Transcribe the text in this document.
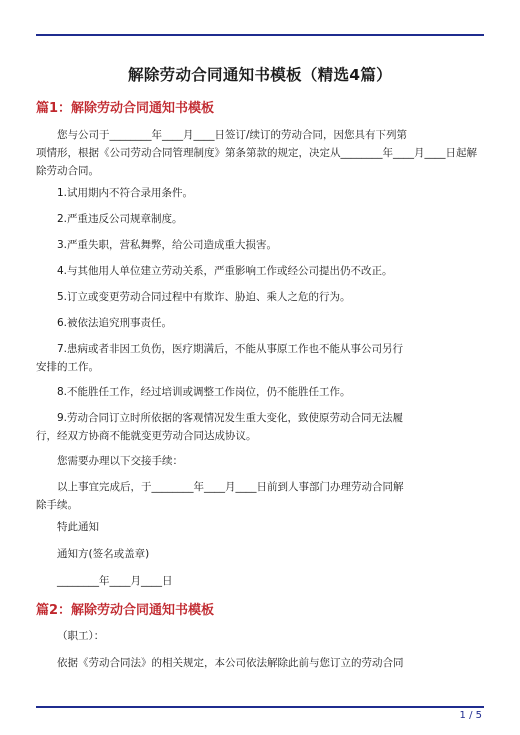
解除劳动合同通知书模板（精选4篇）
篇1：解除劳动合同通知书模板

您与公司于________年____月____日签订/续订的劳动合同，因您具有下列第
项情形，根据《公司劳动合同管理制度》第条第款的规定，决定从________年____月____日起解
除劳动合同。

1.试用期内不符合录用条件。

2.严重违反公司规章制度。

3.严重失职，营私舞弊，给公司造成重大损害。

4.与其他用人单位建立劳动关系，严重影响工作或经公司提出仍不改正。

5.订立或变更劳动合同过程中有欺诈、胁迫、乘人之危的行为。

6.被依法追究刑事责任。

7.患病或者非因工负伤，医疗期满后，不能从事原工作也不能从事公司另行
安排的工作。

8.不能胜任工作，经过培训或调整工作岗位，仍不能胜任工作。

9.劳动合同订立时所依据的客观情况发生重大变化，致使原劳动合同无法履
行，经双方协商不能就变更劳动合同达成协议。

您需要办理以下交接手续：

以上事宜完成后，于________年____月____日前到人事部门办理劳动合同解
除手续。

特此通知

通知方(签名或盖章)

________年____月____日

篇2：解除劳动合同通知书模板

（职工）：

依据《劳动合同法》的相关规定，本公司依法解除此前与您订立的劳动合同

1 / 5
